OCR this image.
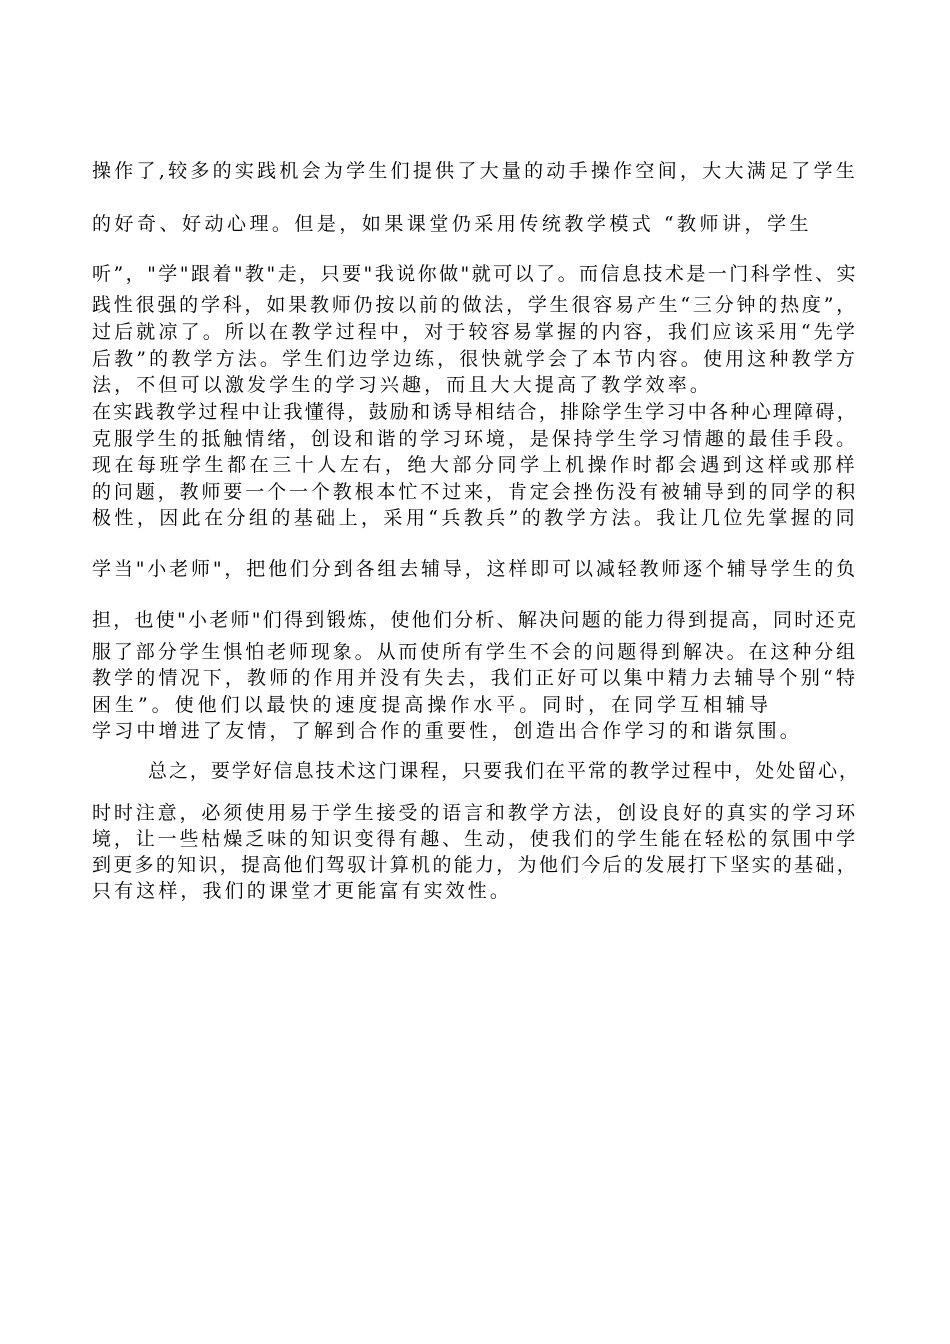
操作了,较多的实践机会为学生们提供了大量的动手操作空间，大大满足了学生

的好奇、好动心理。但是，如果课堂仍采用传统教学模式 “教师讲，学生

听”，"学"跟着"教"走，只要"我说你做"就可以了。而信息技术是一门科学性、实

践性很强的学科，如果教师仍按以前的做法，学生很容易产生“三分钟的热度”，

过后就凉了。所以在教学过程中，对于较容易掌握的内容，我们应该采用“先学

后教”的教学方法。学生们边学边练，很快就学会了本节内容。使用这种教学方

法，不但可以激发学生的学习兴趣，而且大大提高了教学效率。

在实践教学过程中让我懂得，鼓励和诱导相结合，排除学生学习中各种心理障碍，

克服学生的抵触情绪，创设和谐的学习环境，是保持学生学习情趣的最佳手段。

现在每班学生都在三十人左右，绝大部分同学上机操作时都会遇到这样或那样

的问题，教师要一个一个教根本忙不过来，肯定会挫伤没有被辅导到的同学的积

极性，因此在分组的基础上，采用“兵教兵”的教学方法。我让几位先掌握的同

学当"小老师"，把他们分到各组去辅导，这样即可以减轻教师逐个辅导学生的负

担，也使"小老师"们得到锻炼，使他们分析、解决问题的能力得到提高，同时还克

服了部分学生惧怕老师现象。从而使所有学生不会的问题得到解决。在这种分组

教学的情况下，教师的作用并没有失去，我们正好可以集中精力去辅导个别“特

困生”。使他们以最快的速度提高操作水平。同时，在同学互相辅导

学习中增进了友情，了解到合作的重要性，创造出合作学习的和谐氛围。

总之，要学好信息技术这门课程，只要我们在平常的教学过程中，处处留心，

时时注意，必须使用易于学生接受的语言和教学方法，创设良好的真实的学习环

境，让一些枯燥乏味的知识变得有趣、生动，使我们的学生能在轻松的氛围中学

到更多的知识，提高他们驾驭计算机的能力，为他们今后的发展打下坚实的基础，

只有这样，我们的课堂才更能富有实效性。
